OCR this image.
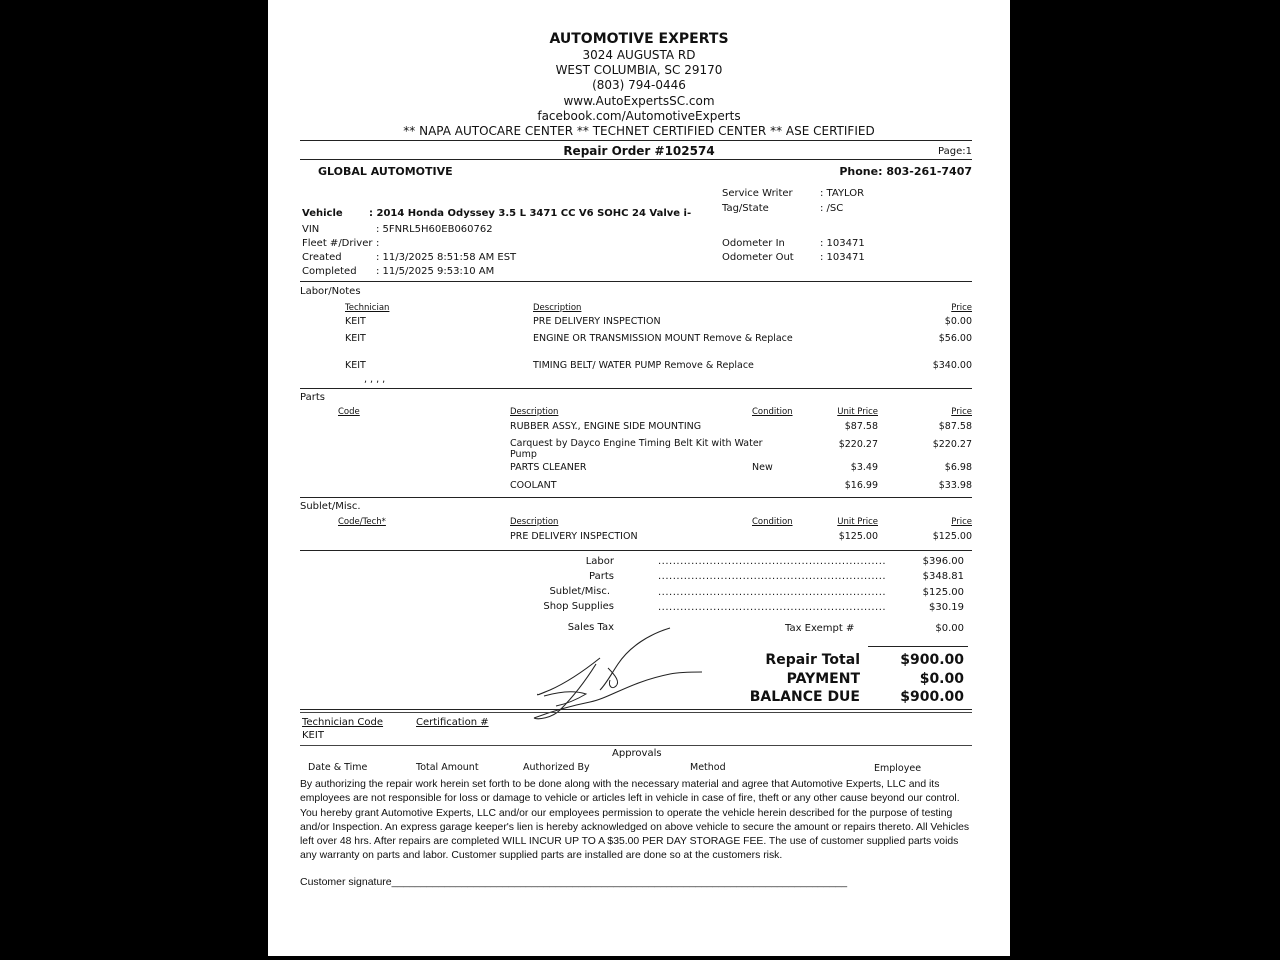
AUTOMOTIVE EXPERTS
3024 AUGUSTA RD
WEST COLUMBIA, SC 29170
(803) 794-0446
www.AutoExpertsSC.com
facebook.com/AutomotiveExperts
** NAPA AUTOCARE CENTER ** TECHNET CERTIFIED CENTER ** ASE CERTIFIED
Repair Order #102574	Page:1
GLOBAL AUTOMOTIVE	Phone: 803-261-7407
Service Writer	: TAYLOR
Tag/State	: /SC
Vehicle	: 2014 Honda Odyssey 3.5 L 3471 CC V6 SOHC 24 Valve i-
VIN	: 5FNRL5H60EB060762
Fleet #/Driver :
Created	: 11/3/2025 8:51:58 AM EST
Completed : 11/5/2025 9:53:10 AM
Odometer In	: 103471
Odometer Out	: 103471
Labor/Notes
Technician	Description	Price
KEIT	PRE DELIVERY INSPECTION	$0.00
KEIT	ENGINE OR TRANSMISSION MOUNT Remove & Replace	$56.00
KEIT	TIMING BELT/ WATER PUMP Remove & Replace	$340.00
, , , ,
Parts
Code	Description	Condition	Unit Price	Price
RUBBER ASSY., ENGINE SIDE MOUNTING	$87.58	$87.58
Carquest by Dayco Engine Timing Belt Kit with Water
Pump
$220.27	$220.27
PARTS CLEANER	New	$3.49	$6.98
COOLANT	$16.99	$33.98
Sublet/Misc.
Code/Tech*	Description	Condition	Unit Price	Price
PRE DELIVERY INSPECTION	$125.00	$125.00
Labor	..............................................................	$396.00
Parts	..............................................................	$348.81
Sublet/Misc.	..............................................................	$125.00
Shop Supplies	..............................................................	$30.19
Sales Tax	Tax Exempt #	$0.00
Repair Total	$900.00
PAYMENT	$0.00
BALANCE DUE	$900.00
Technician Code	Certification #
KEIT
Approvals
Date & Time	Total Amount	Authorized By	Method	Employee
By authorizing the repair work herein set forth to be done along with the necessary material and agree that Automotive Experts, LLC and its employees are not responsible for loss or damage to vehicle or articles left in vehicle in case of fire, theft or any other cause beyond our control. You hereby grant Automotive Experts, LLC and/or our employees permission to operate the vehicle herein described for the purpose of testing and/or Inspection. An express garage keeper's lien is hereby acknowledged on above vehicle to secure the amount or repairs thereto. All Vehicles left over 48 hrs. After repairs are completed WILL INCUR UP TO A $35.00 PER DAY STORAGE FEE. The use of customer supplied parts voids any warranty on parts and labor. Customer supplied parts are installed are done so at the customers risk.
Customer signature______________________________________________________________________________
